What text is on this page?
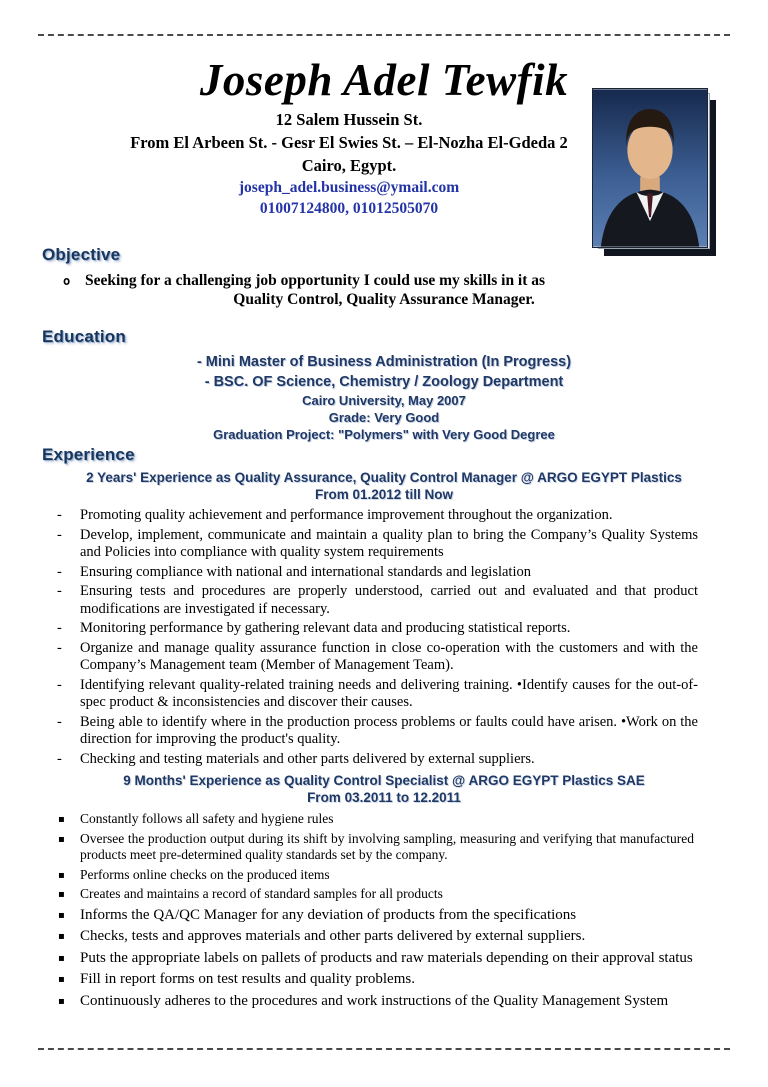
Joseph Adel Tewfik
12 Salem Hussein St.
From El Arbeen St. - Gesr El Swies St. – El-Nozha El-Gdeda 2
Cairo, Egypt.
joseph_adel.business@ymail.com
01007124800, 01012505070
Objective
o Seeking for a challenging job opportunity I could use my skills in it as
Quality Control, Quality Assurance Manager.
Education
- Mini Master of Business Administration (In Progress)
- BSC. OF Science, Chemistry / Zoology Department
Cairo University, May 2007
Grade: Very Good
Graduation Project: "Polymers" with Very Good Degree
Experience
2 Years' Experience as Quality Assurance, Quality Control Manager @ ARGO EGYPT Plastics
From 01.2012 till Now
- Promoting quality achievement and performance improvement throughout the organization.
- Develop, implement, communicate and maintain a quality plan to bring the Company’s Quality Systems and Policies into compliance with quality system requirements
- Ensuring compliance with national and international standards and legislation
- Ensuring tests and procedures are properly understood, carried out and evaluated and that product modifications are investigated if necessary.
- Monitoring performance by gathering relevant data and producing statistical reports.
- Organize and manage quality assurance function in close co-operation with the customers and with the Company’s Management team (Member of Management Team).
- Identifying relevant quality-related training needs and delivering training. •Identify causes for the out-of-spec product & inconsistencies and discover their causes.
- Being able to identify where in the production process problems or faults could have arisen. •Work on the direction for improving the product's quality.
- Checking and testing materials and other parts delivered by external suppliers.
9 Months' Experience as Quality Control Specialist @ ARGO EGYPT Plastics SAE
From 03.2011 to 12.2011
▪ Constantly follows all safety and hygiene rules
▪ Oversee the production output during its shift by involving sampling, measuring and verifying that manufactured products meet pre-determined quality standards set by the company.
▪ Performs online checks on the produced items
▪ Creates and maintains a record of standard samples for all products
▪ Informs the QA/QC Manager for any deviation of products from the specifications
▪ Checks, tests and approves materials and other parts delivered by external suppliers.
▪ Puts the appropriate labels on pallets of products and raw materials depending on their approval status
▪ Fill in report forms on test results and quality problems.
▪ Continuously adheres to the procedures and work instructions of the Quality Management System
